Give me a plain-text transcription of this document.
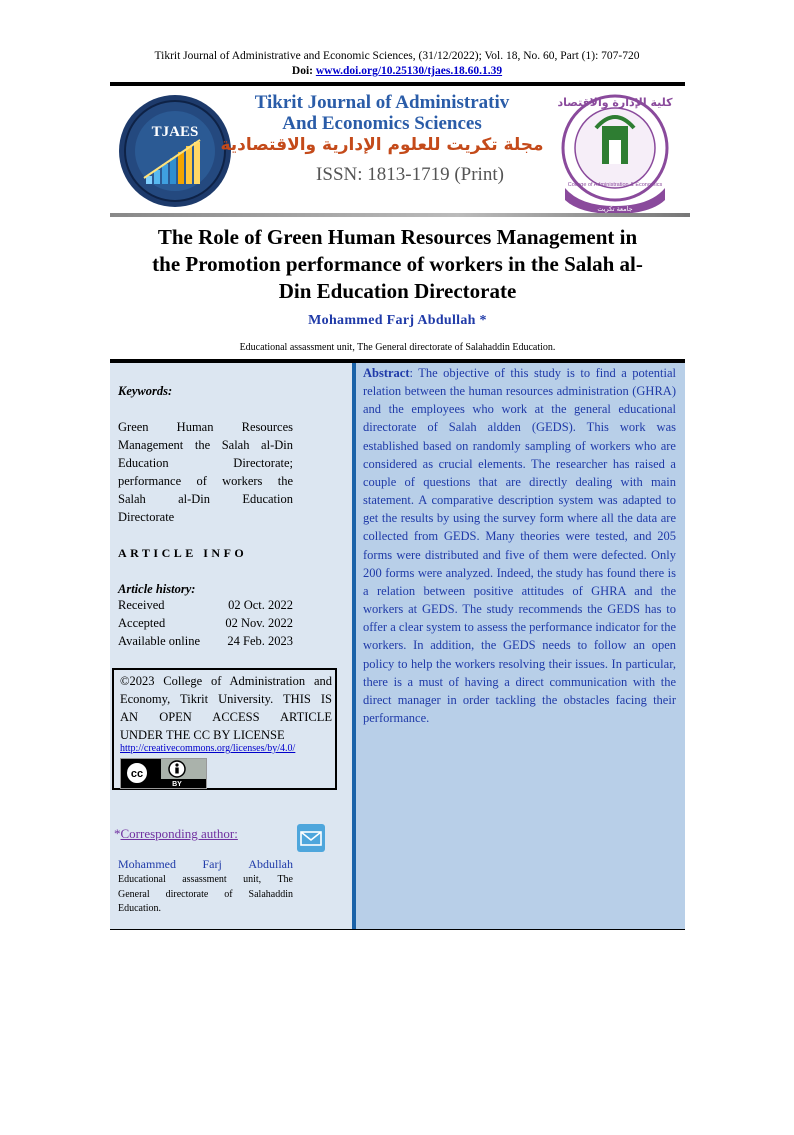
Tikrit Journal of Administrative and Economic Sciences, (31/12/2022); Vol. 18, No. 60, Part (1): 707-720
Doi: www.doi.org/10.25130/tjaes.18.60.1.39
TJAES
Tikrit Journal of Administrativ
And Economics Sciences
مجلة تكريت للعلوم الإدارية والاقتصادية
ISSN: 1813-1719 (Print)
كلية الإدارة والاقتصاد
College of Administration & Economics
جامعة تكريت
The Role of Green Human Resources Management in
the Promotion performance of workers in the Salah al-
Din Education Directorate
Mohammed Farj Abdullah *
Educational assassment unit, The General directorate of Salahaddin Education.
Keywords:
Green Human Resources
Management the Salah al-Din
Education Directorate;
performance of workers the
Salah al-Din Education
Directorate
ARTICLE INFO
Article history:
Received	02 Oct. 2022
Accepted	02 Nov. 2022
Available online 24 Feb. 2023
©2023 College of Administration and
Economy, Tikrit University. THIS IS
AN OPEN ACCESS ARTICLE
UNDER THE CC BY LICENSE
http://creativecommons.org/licenses/by/4.0/
cc
BY
*Corresponding author:
Mohammed Farj Abdullah
Educational assassment unit, The
General directorate of Salahaddin
Education.
Abstract: The objective of this study is to find a potential relation between the human resources administration (GHRA) and the employees who work at the general educational directorate of Salah aldden (GEDS). This work was established based on randomly sampling of workers who are considered as crucial elements. The researcher has raised a couple of questions that are directly dealing with main statement. A comparative description system was adapted to get the results by using the survey form where all the data are collected from GEDS. Many theories were tested, and 205 forms were distributed and five of them were defected. Only 200 forms were analyzed. Indeed, the study has found there is a relation between positive attitudes of GHRA and the workers at GEDS. The study recommends the GEDS has to offer a clear system to assess the performance indicator for the workers. In addition, the GEDS needs to follow an open policy to help the workers resolving their issues. In particular, there is a must of having a direct communication with the direct manager in order tackling the obstacles facing their performance.
